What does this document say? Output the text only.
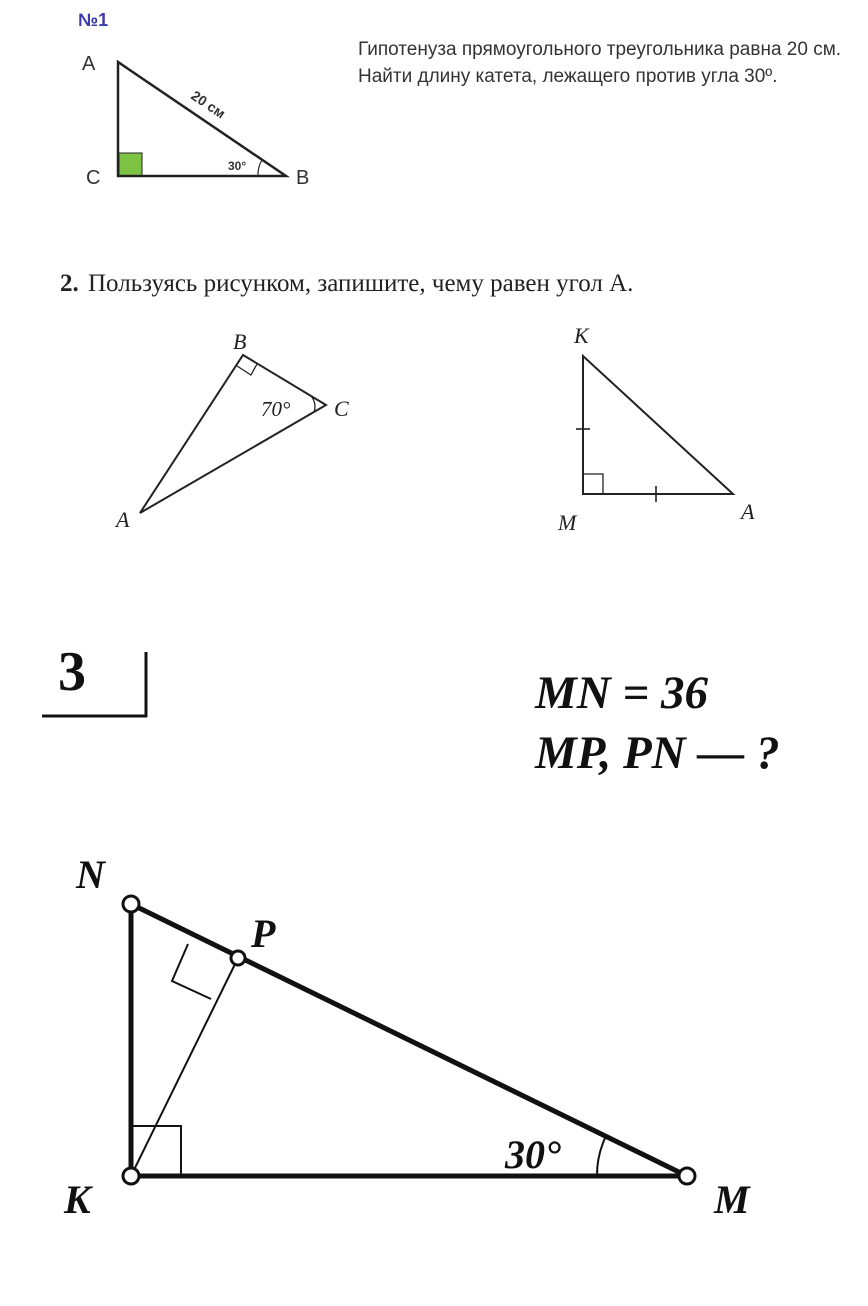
№1
Гипотенуза прямоугольного треугольника равна 20 см. Найти длину катета, лежащего против угла 30º.
2. Пользуясь рисунком, запишите, чему равен угол A.
3	MN = 36
MP, PN — ?
A
C	B
20 см
30°
B
C
A
70°
K
M	A
N
P
K	M
30°
